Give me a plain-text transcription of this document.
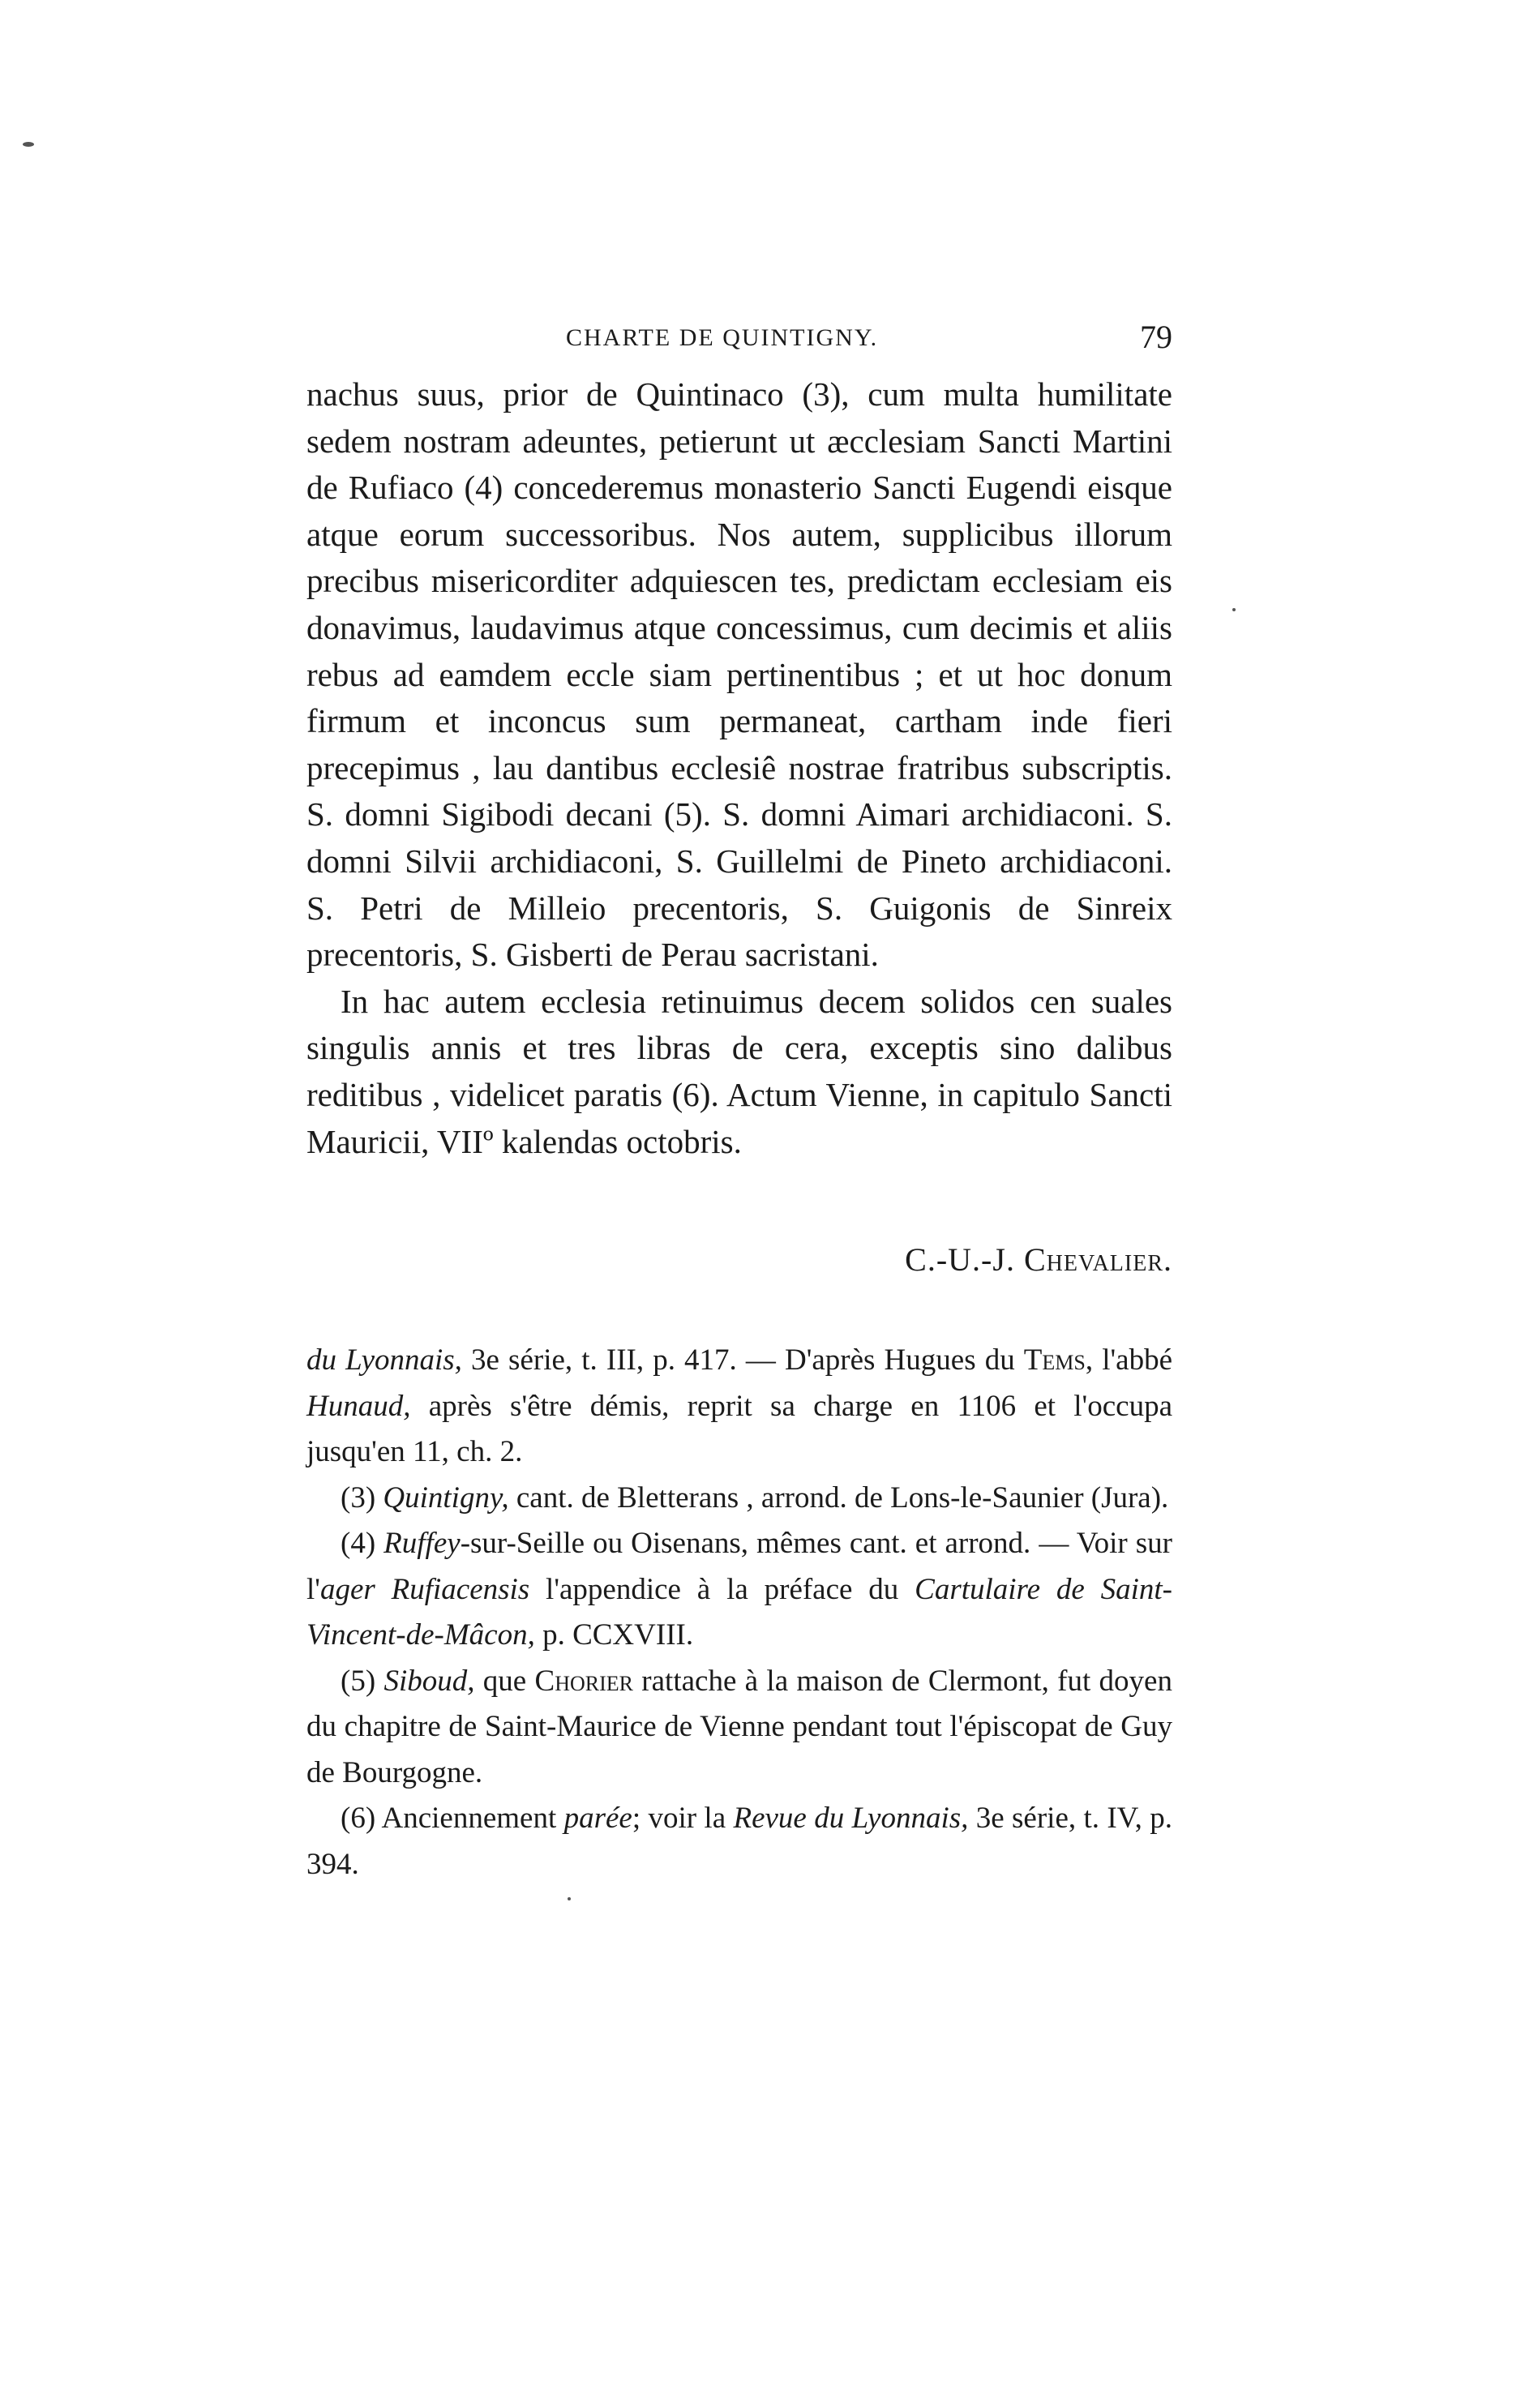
CHARTE DE QUINTIGNY.	79

nachus suus, prior de Quintinaco (3), cum multa humilitate sedem nostram adeuntes, petierunt ut æcclesiam Sancti Martini de Rufiaco (4) concederemus monasterio Sancti Eugendi eisque atque eorum successoribus. Nos autem, supplicibus illorum precibus misericorditer adquiescen tes, predictam ecclesiam eis donavimus, laudavimus atque concessimus, cum decimis et aliis rebus ad eamdem eccle siam pertinentibus ; et ut hoc donum firmum et inconcus sum permaneat, cartham inde fieri precepimus , lau dantibus ecclesiê nostrae fratribus subscriptis. S. domni Sigibodi decani (5). S. domni Aimari archidiaconi. S. domni Silvii archidiaconi, S. Guillelmi de Pineto archidiaconi. S. Petri de Milleio precentoris, S. Guigonis de Sinreix precentoris, S. Gisberti de Perau sacristani.

In hac autem ecclesia retinuimus decem solidos cen suales singulis annis et tres libras de cera, exceptis sino dalibus reditibus , videlicet paratis (6). Actum Vienne, in capitulo Sancti Mauricii, VIIº kalendas octobris.

C.-U.-J. Chevalier.

du Lyonnais, 3e série, t. III, p. 417. — D'après Hugues du Tems, l'abbé Hunaud, après s'être démis, reprit sa charge en 1106 et l'occupa jusqu'en 11, ch. 2.

(3) Quintigny, cant. de Bletterans , arrond. de Lons-le-Saunier (Jura).

(4) Ruffey-sur-Seille ou Oisenans, mêmes cant. et arrond. — Voir sur l'ager Rufiacensis l'appendice à la préface du Cartulaire de Saint-Vincent-de-Mâcon, p. CCXVIII.

(5) Siboud, que Chorier rattache à la maison de Clermont, fut doyen du chapitre de Saint-Maurice de Vienne pendant tout l'épiscopat de Guy de Bourgogne.

(6) Anciennement parée; voir la Revue du Lyonnais, 3e série, t. IV, p. 394.
